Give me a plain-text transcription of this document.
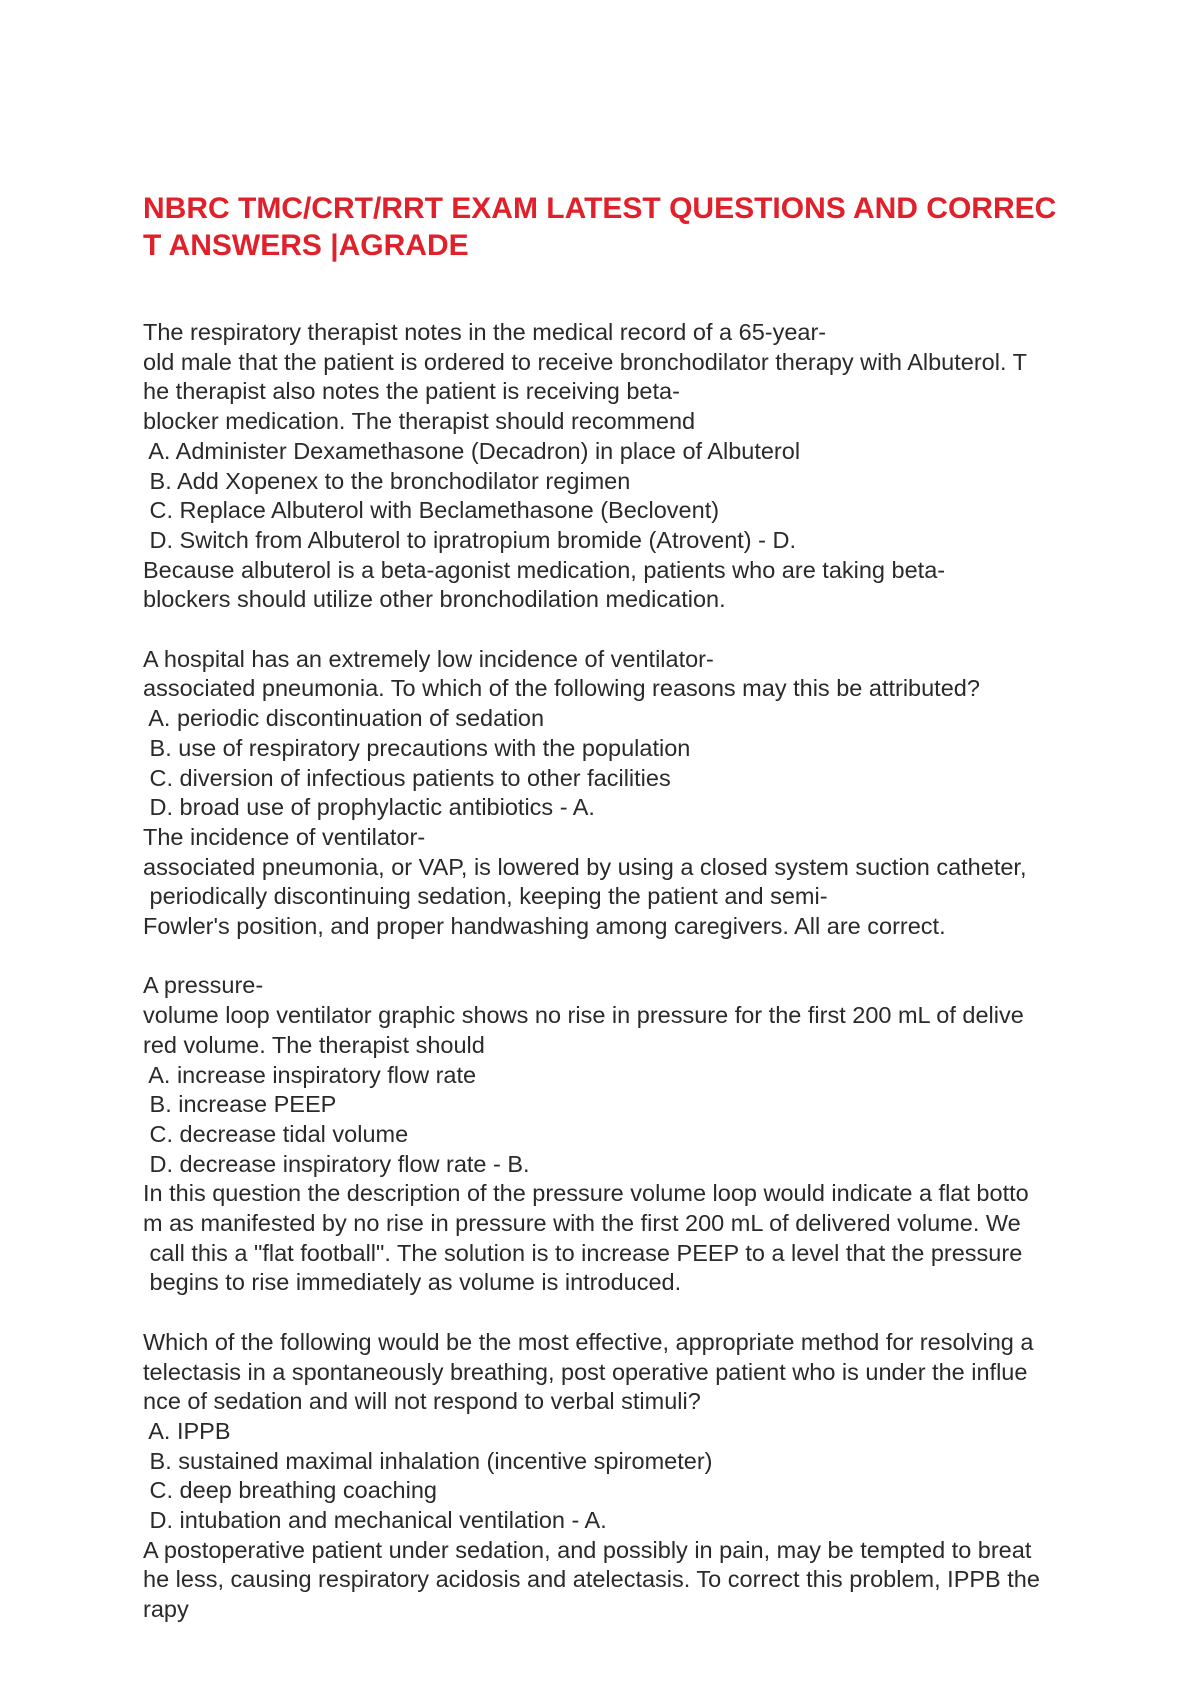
NBRC TMC/CRT/RRT EXAM LATEST QUESTIONS AND CORREC
T ANSWERS |AGRADE
The respiratory therapist notes in the medical record of a 65-year-
old male that the patient is ordered to receive bronchodilator therapy with Albuterol. T
he therapist also notes the patient is receiving beta-
blocker medication. The therapist should recommend
A. Administer Dexamethasone (Decadron) in place of Albuterol
B. Add Xopenex to the bronchodilator regimen
C. Replace Albuterol with Beclamethasone (Beclovent)
D. Switch from Albuterol to ipratropium bromide (Atrovent) - D.
Because albuterol is a beta-agonist medication, patients who are taking beta-
blockers should utilize other bronchodilation medication.
A hospital has an extremely low incidence of ventilator-
associated pneumonia. To which of the following reasons may this be attributed?
A. periodic discontinuation of sedation
B. use of respiratory precautions with the population
C. diversion of infectious patients to other facilities
D. broad use of prophylactic antibiotics - A.
The incidence of ventilator-
associated pneumonia, or VAP, is lowered by using a closed system suction catheter,
periodically discontinuing sedation, keeping the patient and semi-
Fowler's position, and proper handwashing among caregivers. All are correct.
A pressure-
volume loop ventilator graphic shows no rise in pressure for the first 200 mL of delive
red volume. The therapist should
A. increase inspiratory flow rate
B. increase PEEP
C. decrease tidal volume
D. decrease inspiratory flow rate - B.
In this question the description of the pressure volume loop would indicate a flat botto
m as manifested by no rise in pressure with the first 200 mL of delivered volume. We
call this a "flat football". The solution is to increase PEEP to a level that the pressure
begins to rise immediately as volume is introduced.
Which of the following would be the most effective, appropriate method for resolving a
telectasis in a spontaneously breathing, post operative patient who is under the influe
nce of sedation and will not respond to verbal stimuli?
A. IPPB
B. sustained maximal inhalation (incentive spirometer)
C. deep breathing coaching
D. intubation and mechanical ventilation - A.
A postoperative patient under sedation, and possibly in pain, may be tempted to breat
he less, causing respiratory acidosis and atelectasis. To correct this problem, IPPB the
rapy
